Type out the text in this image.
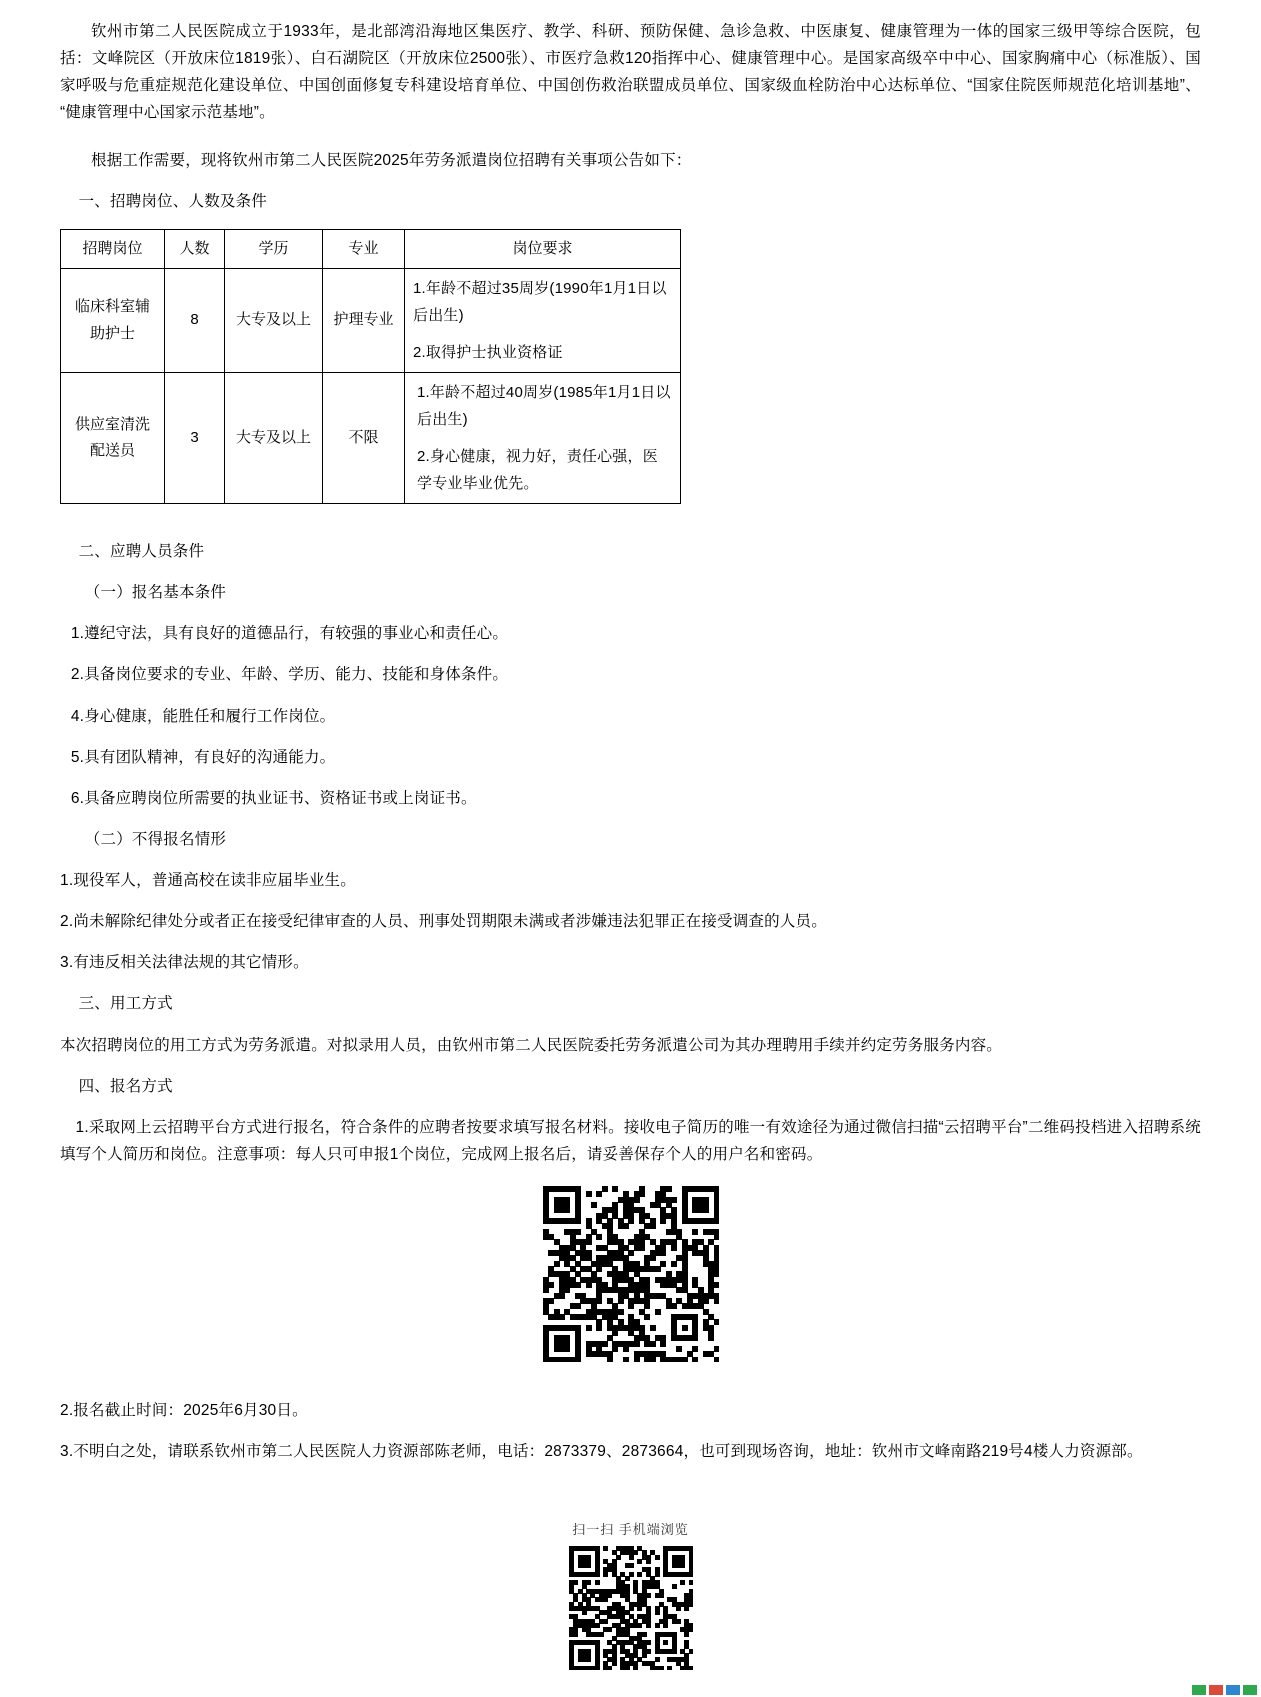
钦州市第二人民医院成立于1933年，是北部湾沿海地区集医疗、教学、科研、预防保健、急诊急救、中医康复、健康管理为一体的国家三级甲等综合医院，包括：文峰院区（开放床位1819张）、白石湖院区（开放床位2500张）、市医疗急救120指挥中心、健康管理中心。是国家高级卒中中心、国家胸痛中心（标准版）、国家呼吸与危重症规范化建设单位、中国创面修复专科建设培育单位、中国创伤救治联盟成员单位、国家级血栓防治中心达标单位、“国家住院医师规范化培训基地”、“健康管理中心国家示范基地”。

根据工作需要，现将钦州市第二人民医院2025年劳务派遣岗位招聘有关事项公告如下：

一、招聘岗位、人数及条件

招聘岗位	人数	学历	专业	岗位要求
临床科室辅助护士	8	大专及以上	护理专业	1.年龄不超过35周岁(1990年1月1日以后出生)

2.取得护士执业资格证

供应室清洗配送员	3	大专及以上	不限	1.年龄不超过40周岁(1985年1月1日以后出生)

2.身心健康，视力好，责任心强，医学专业毕业优先。

二、应聘人员条件

（一）报名基本条件

1.遵纪守法，具有良好的道德品行，有较强的事业心和责任心。

2.具备岗位要求的专业、年龄、学历、能力、技能和身体条件。

4.身心健康，能胜任和履行工作岗位。

5.具有团队精神，有良好的沟通能力。

6.具备应聘岗位所需要的执业证书、资格证书或上岗证书。

（二）不得报名情形

1.现役军人，普通高校在读非应届毕业生。

2.尚未解除纪律处分或者正在接受纪律审查的人员、刑事处罚期限未满或者涉嫌违法犯罪正在接受调查的人员。

3.有违反相关法律法规的其它情形。

三、用工方式

本次招聘岗位的用工方式为劳务派遣。对拟录用人员，由钦州市第二人民医院委托劳务派遣公司为其办理聘用手续并约定劳务服务内容。

四、报名方式

1.采取网上云招聘平台方式进行报名，符合条件的应聘者按要求填写报名材料。接收电子简历的唯一有效途径为通过微信扫描“云招聘平台”二维码投档进入招聘系统填写个人简历和岗位。注意事项：每人只可申报1个岗位，完成网上报名后，请妥善保存个人的用户名和密码。

2.报名截止时间：2025年6月30日。

3.不明白之处，请联系钦州市第二人民医院人力资源部陈老师，电话：2873379、2873664，也可到现场咨询，地址：钦州市文峰南路219号4楼人力资源部。

扫一扫 手机端浏览
